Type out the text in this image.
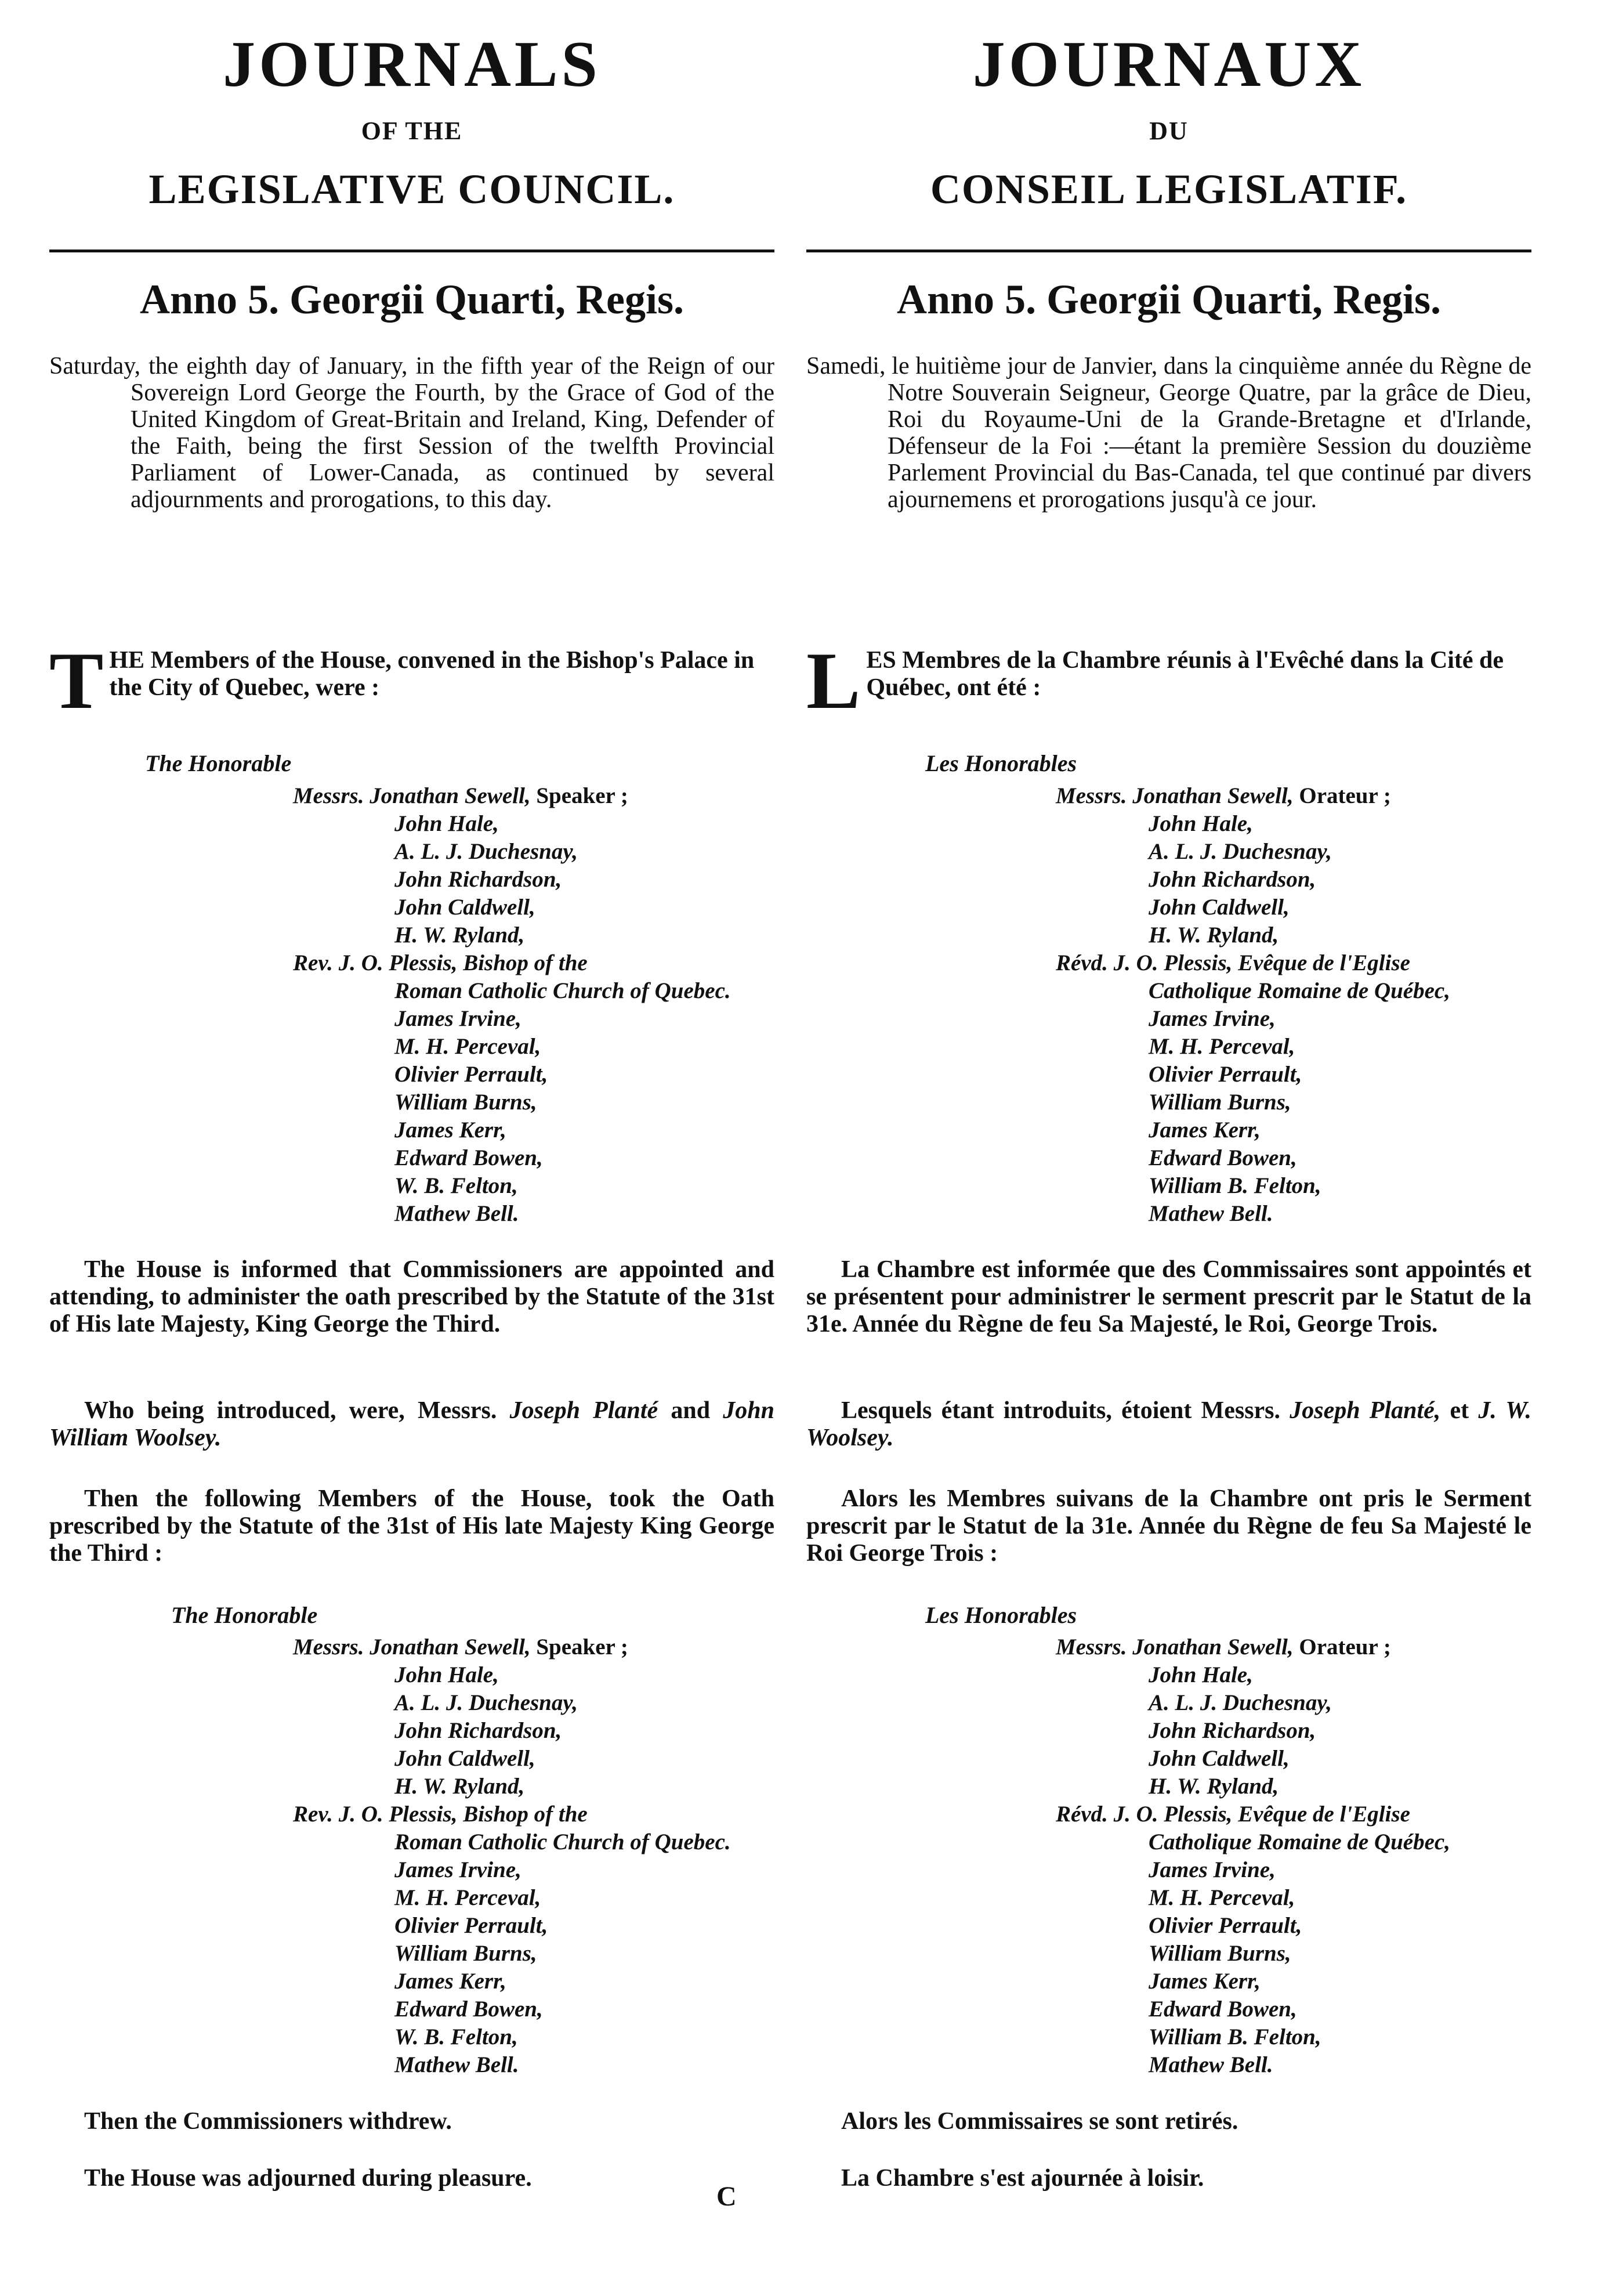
JOURNALS
OF THE
LEGISLATIVE COUNCIL.
Anno 5. Georgii Quarti, Regis.
Saturday, the eighth day of January, in the fifth year of the Reign of our Sovereign Lord George the Fourth, by the Grace of God of the United Kingdom of Great-Britain and Ireland, King, Defender of the Faith, being the first Session of the twelfth Provincial Parliament of Lower-Canada, as continued by several adjournments and prorogations, to this day.
THE Members of the House, convened in the Bishop's Palace in the City of Quebec, were :
The Honorable
Messrs. Jonathan Sewell, Speaker ;
John Hale,
A. L. J. Duchesnay,
John Richardson,
John Caldwell,
H. W. Ryland,
Rev. J. O. Plessis, Bishop of the
Roman Catholic Church of Quebec.
James Irvine,
M. H. Perceval,
Olivier Perrault,
William Burns,
James Kerr,
Edward Bowen,
W. B. Felton,
Mathew Bell.
The House is informed that Commissioners are appointed and attending, to administer the oath prescribed by the Statute of the 31st of His late Majesty, King George the Third.
Who being introduced, were, Messrs. Joseph Planté and John William Woolsey.
Then the following Members of the House, took the Oath prescribed by the Statute of the 31st of His late Majesty King George the Third :
The Honorable
Messrs. Jonathan Sewell, Speaker ;
John Hale,
A. L. J. Duchesnay,
John Richardson,
John Caldwell,
H. W. Ryland,
Rev. J. O. Plessis, Bishop of the
Roman Catholic Church of Quebec.
James Irvine,
M. H. Perceval,
Olivier Perrault,
William Burns,
James Kerr,
Edward Bowen,
W. B. Felton,
Mathew Bell.
Then the Commissioners withdrew.
The House was adjourned during pleasure.
JOURNAUX
DU
CONSEIL LEGISLATIF.
Anno 5. Georgii Quarti, Regis.
Samedi, le huitième jour de Janvier, dans la cinquième année du Règne de Notre Souverain Seigneur, George Quatre, par la grâce de Dieu, Roi du Royaume-Uni de la Grande-Bretagne et d'Irlande, Défenseur de la Foi :—étant la première Session du douzième Parlement Provincial du Bas-Canada, tel que continué par divers ajournemens et prorogations jusqu'à ce jour.
LES Membres de la Chambre réunis à l'Evêché dans la Cité de Québec, ont été :
Les Honorables
Messrs. Jonathan Sewell, Orateur ;
John Hale,
A. L. J. Duchesnay,
John Richardson,
John Caldwell,
H. W. Ryland,
Révd. J. O. Plessis, Evêque de l'Eglise
Catholique Romaine de Québec,
James Irvine,
M. H. Perceval,
Olivier Perrault,
William Burns,
James Kerr,
Edward Bowen,
William B. Felton,
Mathew Bell.
La Chambre est informée que des Commissaires sont appointés et se présentent pour administrer le serment prescrit par le Statut de la 31e. Année du Règne de feu Sa Majesté, le Roi, George Trois.
Lesquels étant introduits, étoient Messrs. Joseph Planté, et J. W. Woolsey.
Alors les Membres suivans de la Chambre ont pris le Serment prescrit par le Statut de la 31e. Année du Règne de feu Sa Majesté le Roi George Trois :
Les Honorables
Messrs. Jonathan Sewell, Orateur ;
John Hale,
A. L. J. Duchesnay,
John Richardson,
John Caldwell,
H. W. Ryland,
Révd. J. O. Plessis, Evêque de l'Eglise
Catholique Romaine de Québec,
James Irvine,
M. H. Perceval,
Olivier Perrault,
William Burns,
James Kerr,
Edward Bowen,
William B. Felton,
Mathew Bell.
Alors les Commissaires se sont retirés.
La Chambre s'est ajournée à loisir.
C
